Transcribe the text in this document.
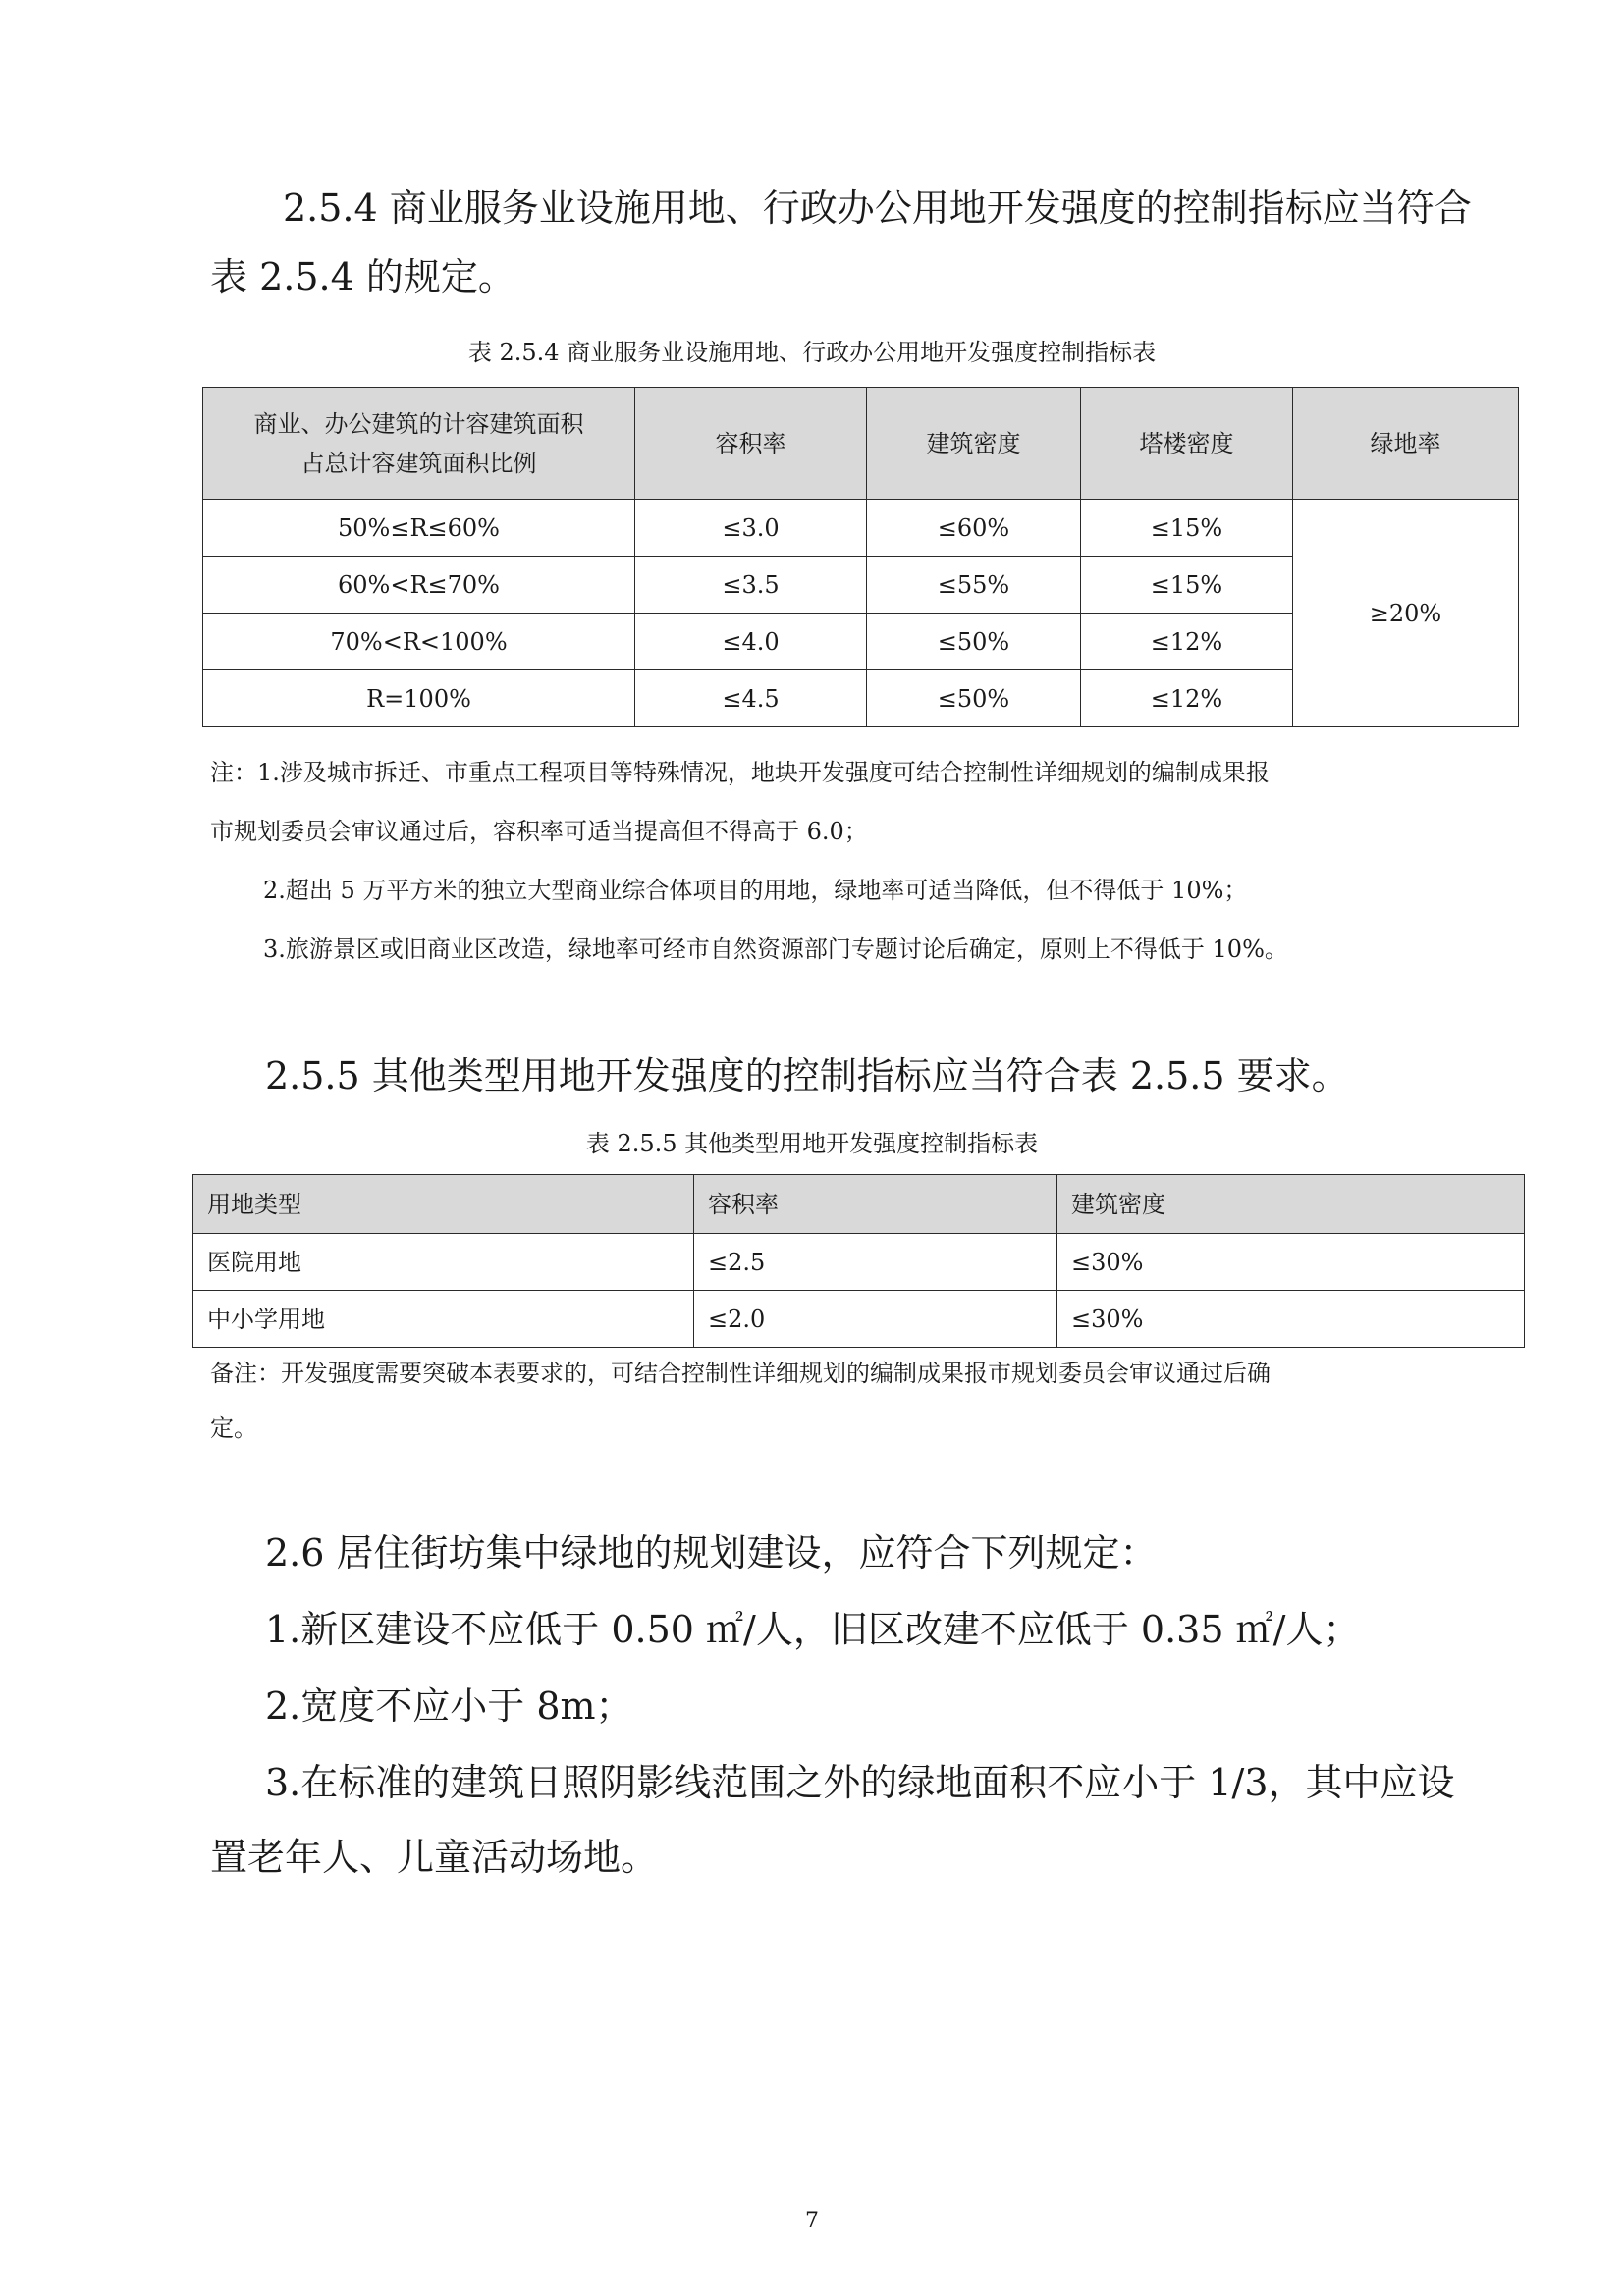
2.5.4 商业服务业设施用地、行政办公用地开发强度的控制指标应当符合
表 2.5.4 的规定。
表 2.5.4 商业服务业设施用地、行政办公用地开发强度控制指标表
商业、办公建筑的计容建筑面积
占总计容建筑面积比例	容积率	建筑密度	塔楼密度	绿地率
50%≤R≤60%	≤3.0	≤60%	≤15%	≥20%
60%<R≤70%	≤3.5	≤55%	≤15%	
70%<R<100%	≤4.0	≤50%	≤12%	
R=100%	≤4.5	≤50%	≤12%	
注：1.涉及城市拆迁、市重点工程项目等特殊情况，地块开发强度可结合控制性详细规划的编制成果报
市规划委员会审议通过后，容积率可适当提高但不得高于 6.0；
2.超出 5 万平方米的独立大型商业综合体项目的用地，绿地率可适当降低，但不得低于 10%；
3.旅游景区或旧商业区改造，绿地率可经市自然资源部门专题讨论后确定，原则上不得低于 10%。
2.5.5 其他类型用地开发强度的控制指标应当符合表 2.5.5 要求。
表 2.5.5 其他类型用地开发强度控制指标表
用地类型	容积率	建筑密度
医院用地	≤2.5	≤30%
中小学用地	≤2.0	≤30%
备注：开发强度需要突破本表要求的，可结合控制性详细规划的编制成果报市规划委员会审议通过后确
定。
2.6 居住街坊集中绿地的规划建设，应符合下列规定：
1.新区建设不应低于 0.50 ㎡/人，旧区改建不应低于 0.35 ㎡/人；
2.宽度不应小于 8m；
3.在标准的建筑日照阴影线范围之外的绿地面积不应小于 1/3，其中应设
置老年人、儿童活动场地。
7
